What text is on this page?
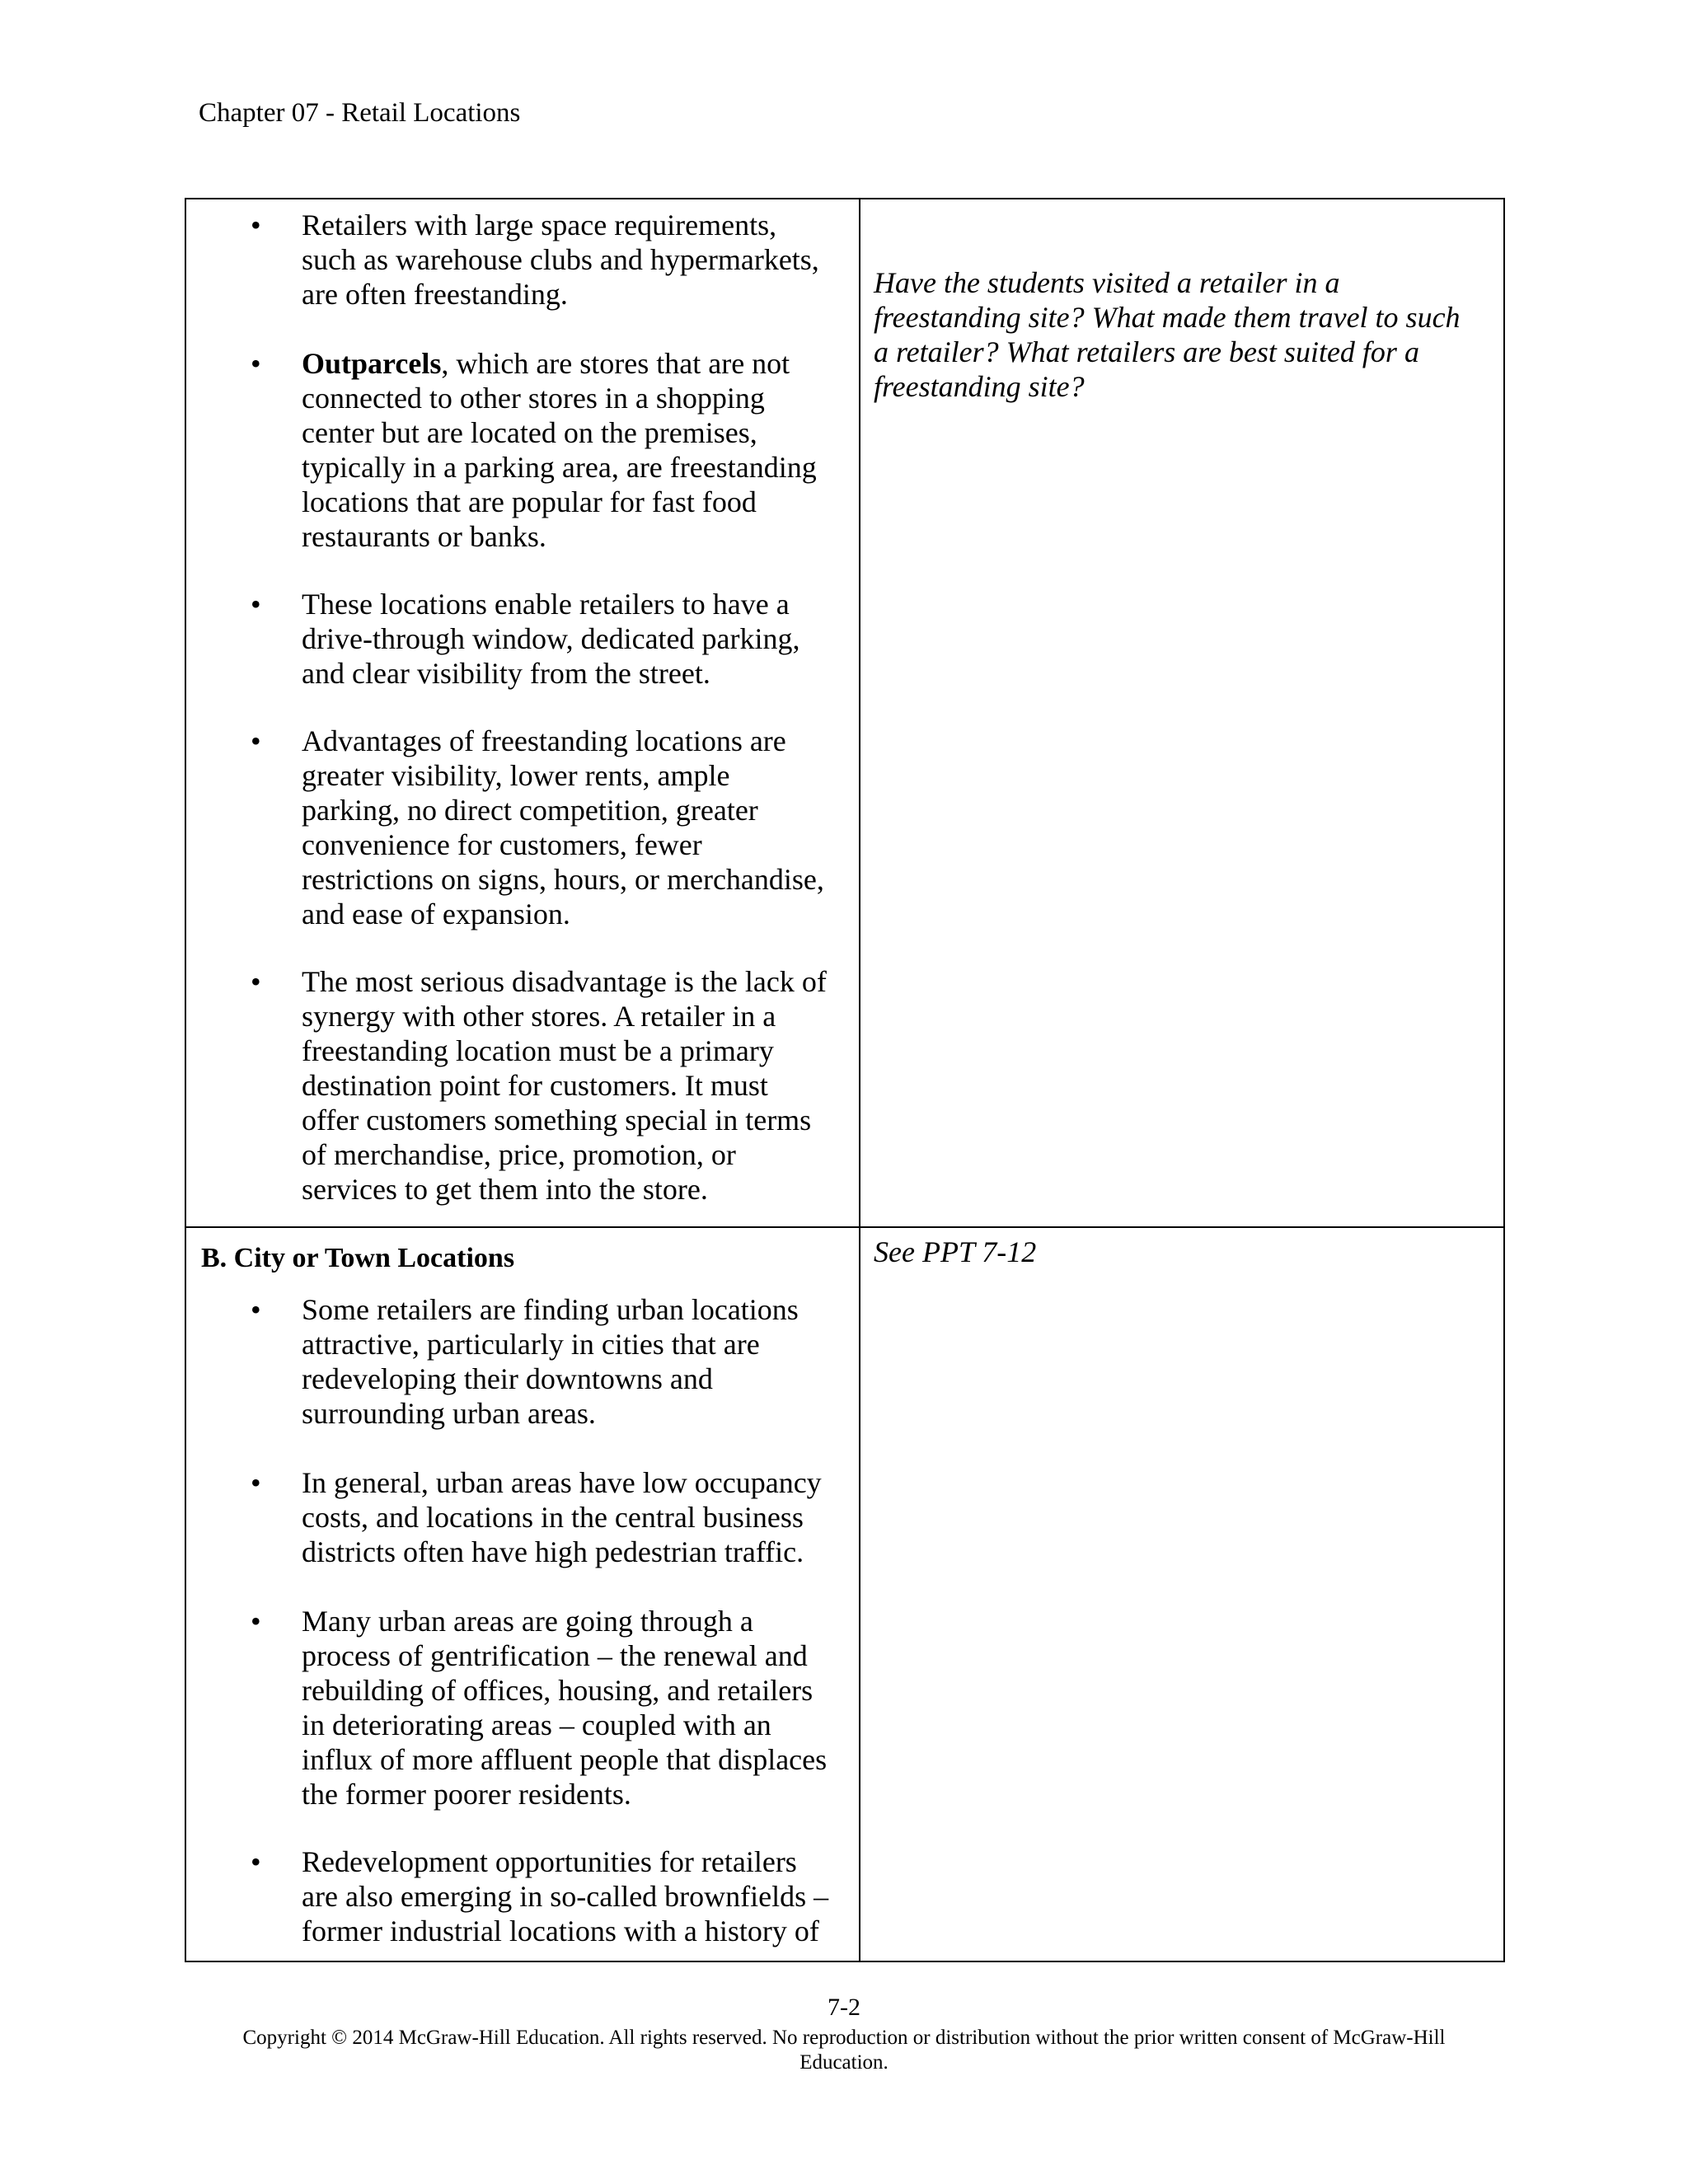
Chapter 07 - Retail Locations
• Retailers with large space requirements,
such as warehouse clubs and hypermarkets,
are often freestanding.
• Outparcels, which are stores that are not
connected to other stores in a shopping
center but are located on the premises,
typically in a parking area, are freestanding
locations that are popular for fast food
restaurants or banks.
• These locations enable retailers to have a
drive-through window, dedicated parking,
and clear visibility from the street.
• Advantages of freestanding locations are
greater visibility, lower rents, ample
parking, no direct competition, greater
convenience for customers, fewer
restrictions on signs, hours, or merchandise,
and ease of expansion.
• The most serious disadvantage is the lack of
synergy with other stores. A retailer in a
freestanding location must be a primary
destination point for customers. It must
offer customers something special in terms
of merchandise, price, promotion, or
services to get them into the store.
Have the students visited a retailer in a
freestanding site? What made them travel to such
a retailer? What retailers are best suited for a
freestanding site?
B. City or Town Locations
• Some retailers are finding urban locations
attractive, particularly in cities that are
redeveloping their downtowns and
surrounding urban areas.
• In general, urban areas have low occupancy
costs, and locations in the central business
districts often have high pedestrian traffic.
• Many urban areas are going through a
process of gentrification – the renewal and
rebuilding of offices, housing, and retailers
in deteriorating areas – coupled with an
influx of more affluent people that displaces
the former poorer residents.
• Redevelopment opportunities for retailers
are also emerging in so-called brownfields –
former industrial locations with a history of
See PPT 7-12
7-2
Copyright © 2014 McGraw-Hill Education. All rights reserved. No reproduction or distribution without the prior written consent of McGraw-Hill
Education.
